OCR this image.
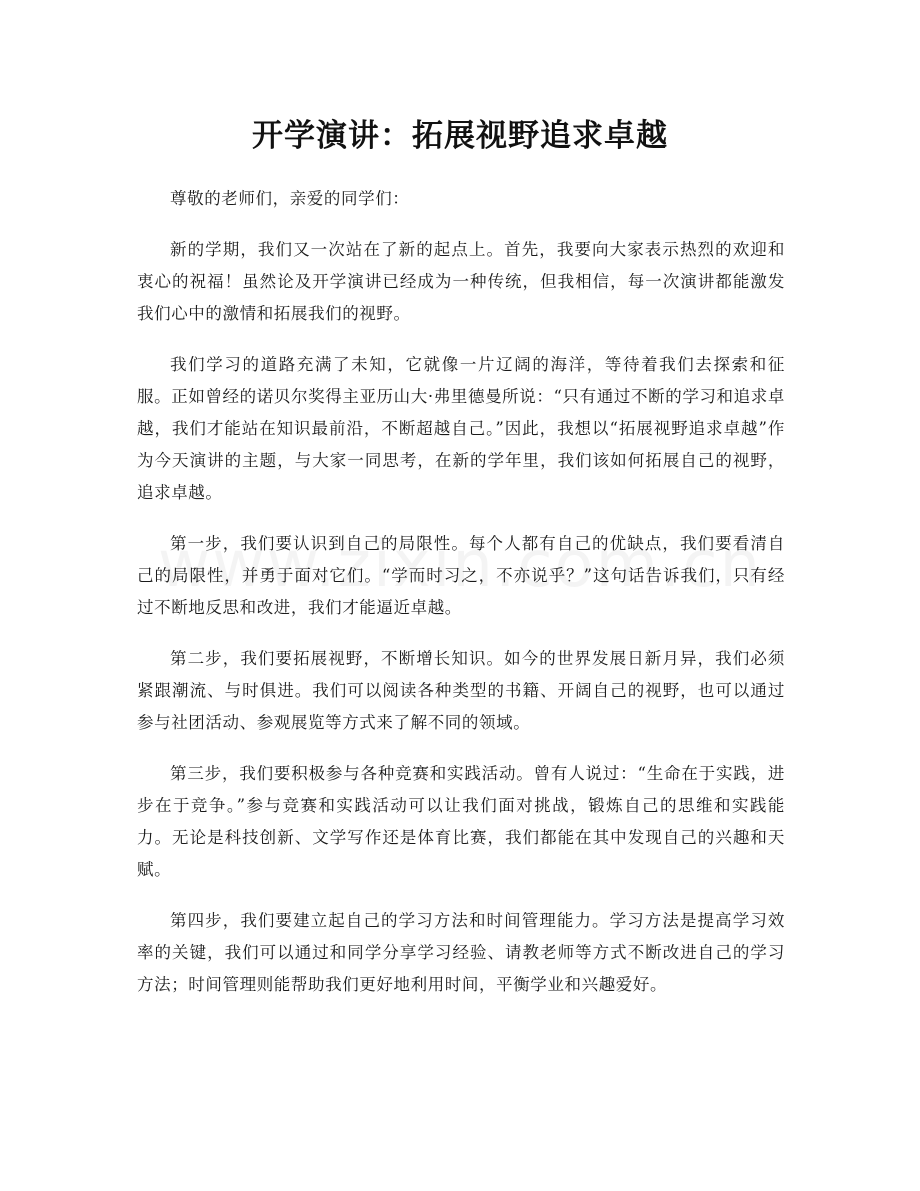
开学演讲：拓展视野追求卓越

尊敬的老师们，亲爱的同学们：

新的学期，我们又一次站在了新的起点上。首先，我要向大家表示热烈的欢迎和衷心的祝福！虽然论及开学演讲已经成为一种传统，但我相信，每一次演讲都能激发我们心中的激情和拓展我们的视野。

我们学习的道路充满了未知，它就像一片辽阔的海洋，等待着我们去探索和征服。正如曾经的诺贝尔奖得主亚历山大·弗里德曼所说：“只有通过不断的学习和追求卓越，我们才能站在知识最前沿，不断超越自己。”因此，我想以“拓展视野追求卓越”作为今天演讲的主题，与大家一同思考，在新的学年里，我们该如何拓展自己的视野，追求卓越。

第一步，我们要认识到自己的局限性。每个人都有自己的优缺点，我们要看清自己的局限性，并勇于面对它们。“学而时习之，不亦说乎？”这句话告诉我们，只有经过不断地反思和改进，我们才能逼近卓越。

第二步，我们要拓展视野，不断增长知识。如今的世界发展日新月异，我们必须紧跟潮流、与时俱进。我们可以阅读各种类型的书籍、开阔自己的视野，也可以通过参与社团活动、参观展览等方式来了解不同的领域。

第三步，我们要积极参与各种竞赛和实践活动。曾有人说过：“生命在于实践，进步在于竞争。”参与竞赛和实践活动可以让我们面对挑战，锻炼自己的思维和实践能力。无论是科技创新、文学写作还是体育比赛，我们都能在其中发现自己的兴趣和天赋。

第四步，我们要建立起自己的学习方法和时间管理能力。学习方法是提高学习效率的关键，我们可以通过和同学分享学习经验、请教老师等方式不断改进自己的学习方法；时间管理则能帮助我们更好地利用时间，平衡学业和兴趣爱好。
